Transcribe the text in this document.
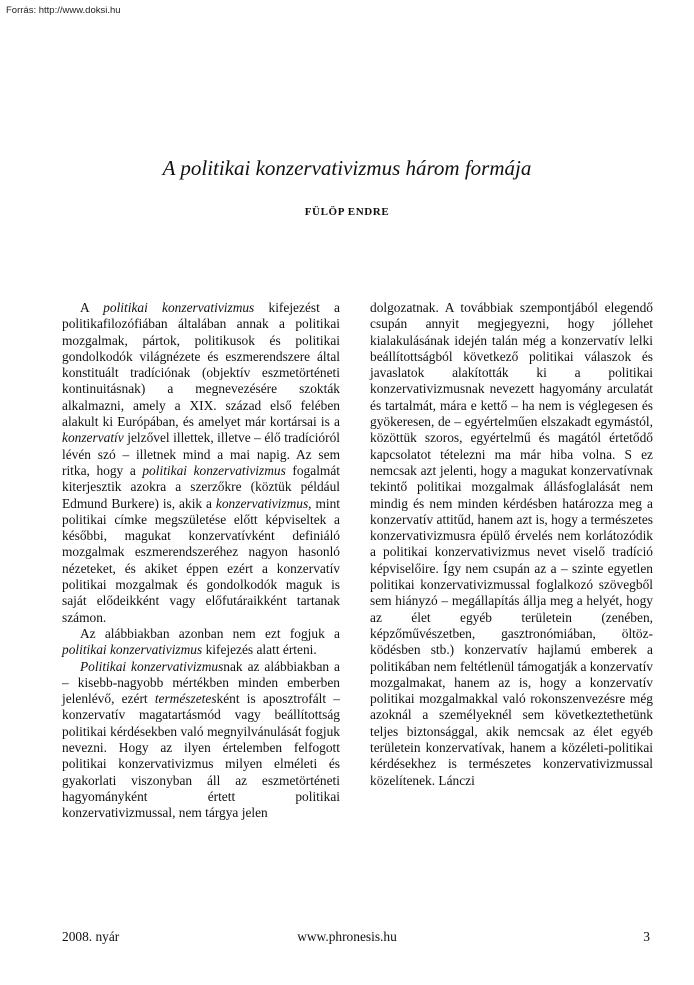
Forrás: http://www.doksi.hu
A politikai konzervativizmus három formája
FÜLÖP ENDRE

A politikai konzervativizmus kifejezést a politikafilozófiában általában annak a politikai mozgalmak, pártok, politikusok és politikai gondolkodók világnézete és eszmerendszere által konstituált tradíciónak (objektív eszmetörténeti kontinuitásnak) a megnevezésére szokták alkalmazni, amely a XIX. század első felében alakult ki Európában, és amelyet már kortársai is a konzervatív jelzővel illettek, illetve – élő tradícióról lévén szó – illetnek mind a mai napig. Az sem ritka, hogy a politikai konzervativizmus fogalmát kiterjesztik azokra a szerzőkre (köztük például Edmund Burkere) is, akik a konzervativizmus, mint politikai címke megszületése előtt képviseltek a későbbi, magukat konzervatívként definiáló mozgalmak eszmerendszeréhez nagyon hasonló nézeteket, és akiket éppen ezért a konzervatív politikai mozgalmak és gondolkodók maguk is saját elődeikként vagy előfutáraikként tartanak számon.

Az alábbiakban azonban nem ezt fogjuk a politikai konzervativizmus kifejezés alatt érteni.

Politikai konzervativizmusnak az alábbiakban a – kisebb-nagyobb mértékben minden emberben jelenlévő, ezért természetesként is aposztrofált – konzervatív magatartásmód vagy beállítottság politikai kérdésekben való megnyilvánulását fogjuk nevezni. Hogy az ilyen értelemben felfogott politikai konzervativizmus milyen elméleti és gyakorlati viszonyban áll az eszmetörténeti hagyományként értett politikai konzervativizmussal, nem tárgya jelen

dolgozatnak. A továbbiak szempontjából elegendő csupán annyit megjegyezni, hogy jóllehet kialakulásának idején talán még a konzervatív lelki beállítottságból következő politikai válaszok és javaslatok alakították ki a politikai konzervativizmusnak nevezett hagyomány arculatát és tartalmát, mára e kettő – ha nem is véglegesen és gyökeresen, de – egyértelműen elszakadt egymástól, közöttük szoros, egyértelmű és magától értetődő kapcsolatot tételezni ma már hiba volna. S ez nemcsak azt jelenti, hogy a magukat konzervatívnak tekintő politikai mozgalmak állásfoglalását nem mindig és nem minden kérdésben határozza meg a konzervatív attitűd, hanem azt is, hogy a természetes konzervativizmusra épülő érvelés nem korlátozódik a politikai konzervativizmus nevet viselő tradíció képviselőire. Így nem csupán az a – szinte egyetlen politikai konzervativizmussal foglalkozó szövegből sem hiányzó – megállapítás állja meg a helyét, hogy az élet egyéb területein (zenében, képzőművészetben, gasztronómiában, öltözködésben stb.) konzervatív hajlamú emberek a politikában nem feltétlenül támogatják a konzervatív mozgalmakat, hanem az is, hogy a konzervatív politikai mozgalmakkal való rokonszenvezésre még azoknál a személyeknél sem következtethetünk teljes biztonsággal, akik nemcsak az élet egyéb területein konzervatívak, hanem a közéleti-politikai kérdésekhez is természetes konzervativizmussal közelítenek. Lánczi

2008. nyár	www.phronesis.hu	3
